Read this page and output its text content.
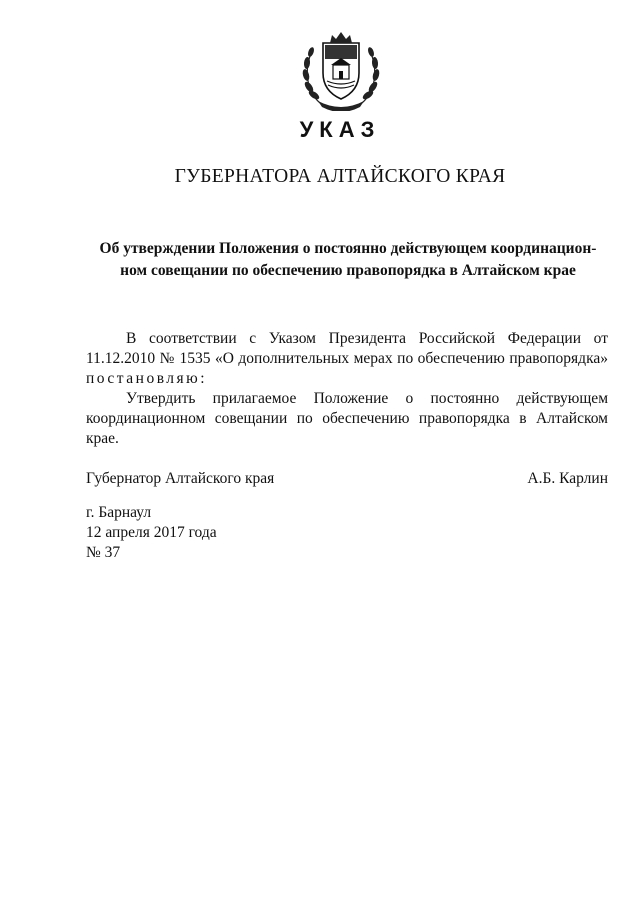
УКАЗ
ГУБЕРНАТОРА АЛТАЙСКОГО КРАЯ
Об утверждении Положения о постоянно действующем координацион-
ном совещании по обеспечению правопорядка в Алтайском крае

В соответствии с Указом Президента Российской Федерации от 11.12.2010 № 1535 «О дополнительных мерах по обеспечению правопорядка» постановляю:

Утвердить прилагаемое Положение о постоянно действующем координационном совещании по обеспечению правопорядка в Алтайском крае.

Губернатор Алтайского края	А.Б. Карлин
г. Барнаул
12 апреля 2017 года
№ 37
